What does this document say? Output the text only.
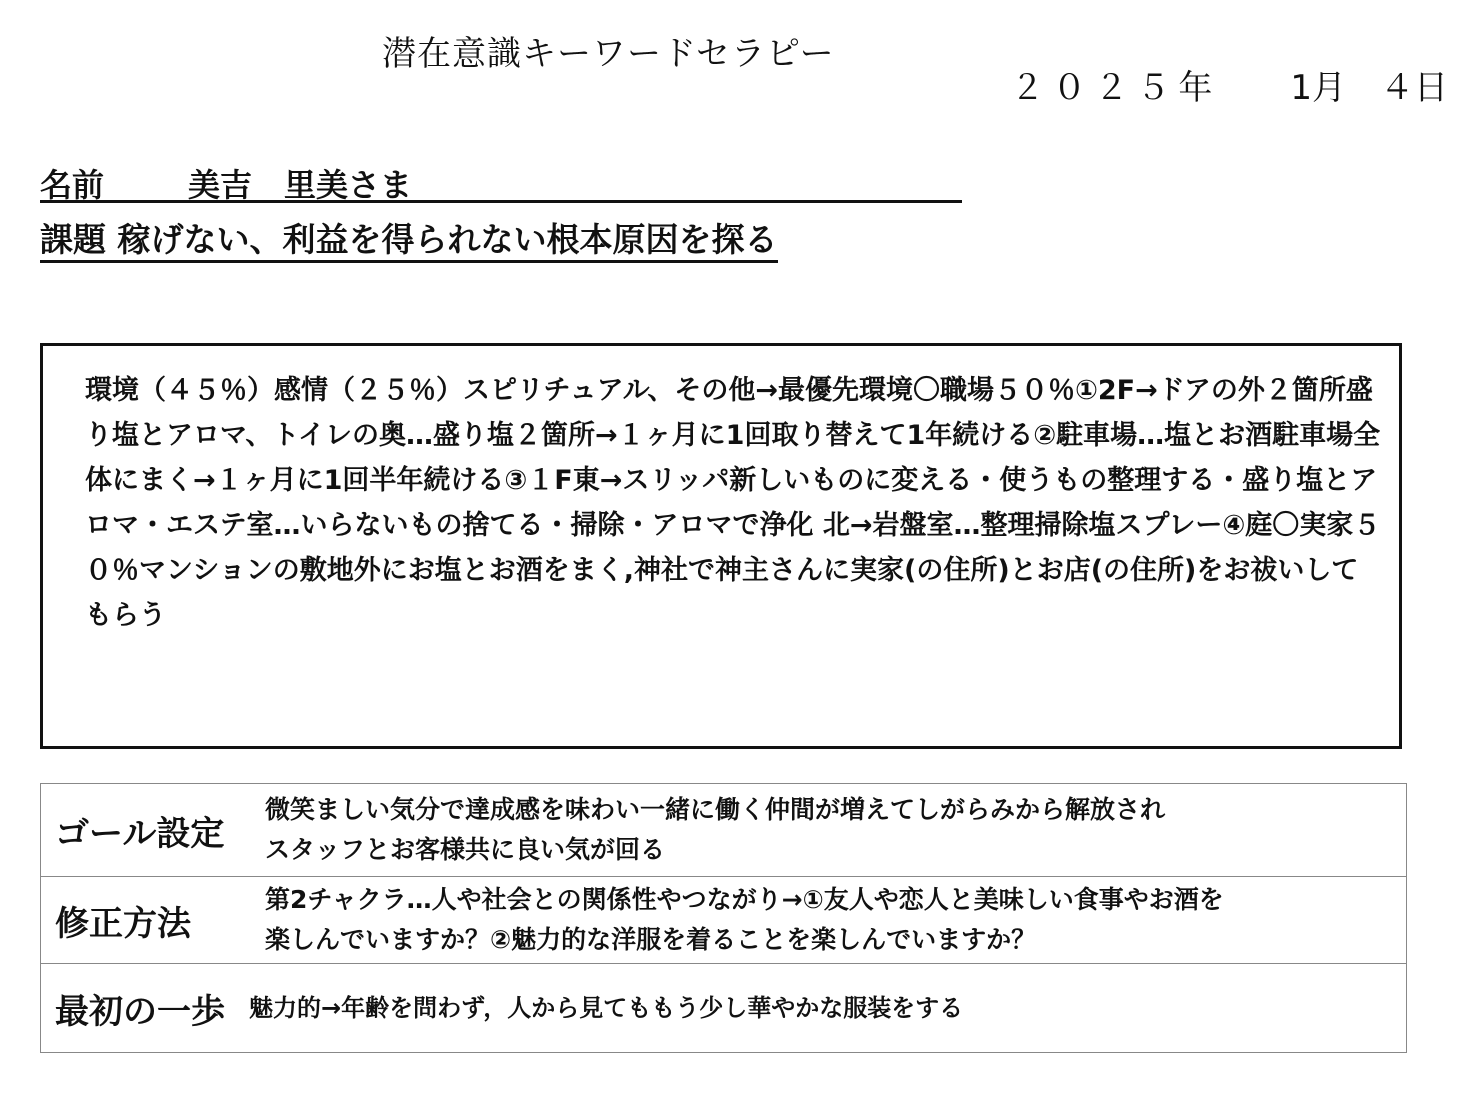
潜在意識キーワードセラピー
２０２５年 1月 ４日
名前	美吉　里美さま
課題 稼げない、利益を得られない根本原因を探る
環境（４５％）感情（２５％）スピリチュアル、その他→最優先環境〇職場５０％①2F→ドアの外２箇所盛り塩とアロマ、トイレの奥…盛り塩２箇所→１ヶ月に1回取り替えて1年続ける②駐車場…塩とお酒駐車場全体にまく→１ヶ月に1回半年続ける③１F東→スリッパ新しいものに変える・使うもの整理する・盛り塩とアロマ・エステ室…いらないもの捨てる・掃除・アロマで浄化 北→岩盤室…整理掃除塩スプレー④庭〇実家５０％マンションの敷地外にお塩とお酒をまく,神社で神主さんに実家(の住所)とお店(の住所)をお祓いしてもらう
ゴール設定
微笑ましい気分で達成感を味わい一緒に働く仲間が増えてしがらみから解放され
スタッフとお客様共に良い気が回る

修正方法
第2チャクラ…人や社会との関係性やつながり→①友人や恋人と美味しい食事やお酒を
楽しんでいますか？②魅力的な洋服を着ることを楽しんでいますか？

最初の一歩	魅力的→年齢を問わず，人から見てももう少し華やかな服装をする
